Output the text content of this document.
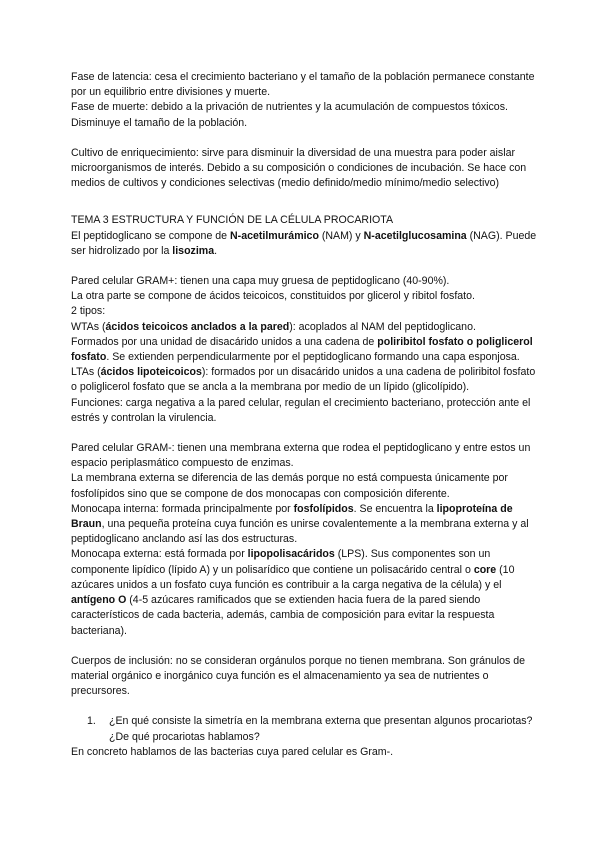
Fase de latencia: cesa el crecimiento bacteriano y el tamaño de la población permanece constante por un equilibrio entre divisiones y muerte.

Fase de muerte: debido a la privación de nutrientes y la acumulación de compuestos tóxicos. Disminuye el tamaño de la población.

Cultivo de enriquecimiento: sirve para disminuir la diversidad de una muestra para poder aislar microorganismos de interés. Debido a su composición o condiciones de incubación. Se hace con medios de cultivos y condiciones selectivas (medio definido/medio mínimo/medio selectivo)

TEMA 3 ESTRUCTURA Y FUNCIÓN DE LA CÉLULA PROCARIOTA

El peptidoglicano se compone de N-acetilmurámico (NAM) y N-acetilglucosamina (NAG). Puede ser hidrolizado por la lisozima.

Pared celular GRAM+: tienen una capa muy gruesa de peptidoglicano (40-90%).

La otra parte se compone de ácidos teicoicos, constituidos por glicerol y ribitol fosfato.

2 tipos:

WTAs (ácidos teicoicos anclados a la pared): acoplados al NAM del peptidoglicano.

Formados por una unidad de disacárido unidos a una cadena de poliribitol fosfato o poliglicerol fosfato. Se extienden perpendicularmente por el peptidoglicano formando una capa esponjosa.

LTAs (ácidos lipoteicoicos): formados por un disacárido unidos a una cadena de poliribitol fosfato o poliglicerol fosfato que se ancla a la membrana por medio de un lípido (glicolípido).

Funciones: carga negativa a la pared celular, regulan el crecimiento bacteriano, protección ante el estrés y controlan la virulencia.

Pared celular GRAM-: tienen una membrana externa que rodea el peptidoglicano y entre estos un espacio periplasmático compuesto de enzimas.

La membrana externa se diferencia de las demás porque no está compuesta únicamente por fosfolípidos sino que se compone de dos monocapas con composición diferente.

Monocapa interna: formada principalmente por fosfolípidos. Se encuentra la lipoproteína de Braun, una pequeña proteína cuya función es unirse covalentemente a la membrana externa y al peptidoglicano anclando así las dos estructuras.

Monocapa externa: está formada por lipopolisacáridos (LPS). Sus componentes son un componente lipídico (lípido A) y un polisarídico que contiene un polisacárido central o core (10 azúcares unidos a un fosfato cuya función es contribuir a la carga negativa de la célula) y el antígeno O (4-5 azúcares ramificados que se extienden hacia fuera de la pared siendo característicos de cada bacteria, además, cambia de composición para evitar la respuesta bacteriana).

Cuerpos de inclusión: no se consideran orgánulos porque no tienen membrana. Son gránulos de material orgánico e inorgánico cuya función es el almacenamiento ya sea de nutrientes o precursores.

1.	¿En qué consiste la simetría en la membrana externa que presentan algunos procariotas? ¿De qué procariotas hablamos?

En concreto hablamos de las bacterias cuya pared celular es Gram-.
